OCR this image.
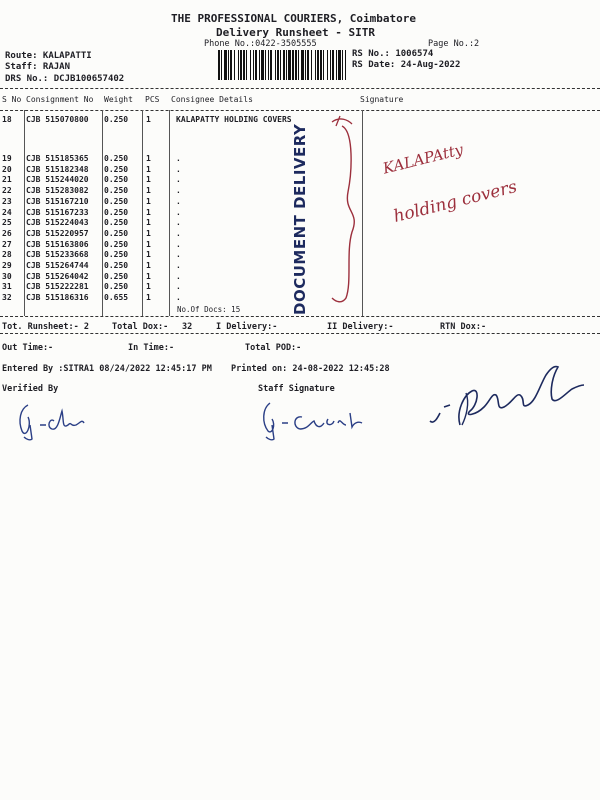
THE PROFESSIONAL COURIERS, Coimbatore
Delivery Runsheet - SITR
Phone No.:0422-3505555	Page No.:2
Route: KALAPATTI
Staff: RAJAN
DRS No.: DCJB100657402
RS No.: 1006574
RS Date: 24-Aug-2022
S No Consignment No Weight PCS Consignee Details	Signature
18 CJB 515070800 0.250 1	KALAPATTY HOLDING COVERS
19 CJB 515185365 0.250 1	.
20 CJB 515182348 0.250 1	.
21 CJB 515244020 0.250 1	.
22 CJB 515283082 0.250 1	.
23 CJB 515167210 0.250 1	.
24 CJB 515167233 0.250 1	.
25 CJB 515224043 0.250 1	.
26 CJB 515220957 0.250 1	.
27 CJB 515163806 0.250 1	.
28 CJB 515233668 0.250 1	.
29 CJB 515264744 0.250 1	.
30 CJB 515264042 0.250 1	.
31 CJB 515222281 0.250 1	.
32 CJB 515186316 0.655 1	.
No.Of Docs: 15	DOCUMENT DELIVERY	KALAPAtty
holding covers
Tot. Runsheet:- 2	Total Dox:- 32	I Delivery:-	II Delivery:-	RTN Dox:-
Out Time:-	In Time:-	Total POD:-
Entered By :SITRA1 08/24/2022 12:45:17 PM Printed on: 24-08-2022 12:45:28
Verified By	Staff Signature
